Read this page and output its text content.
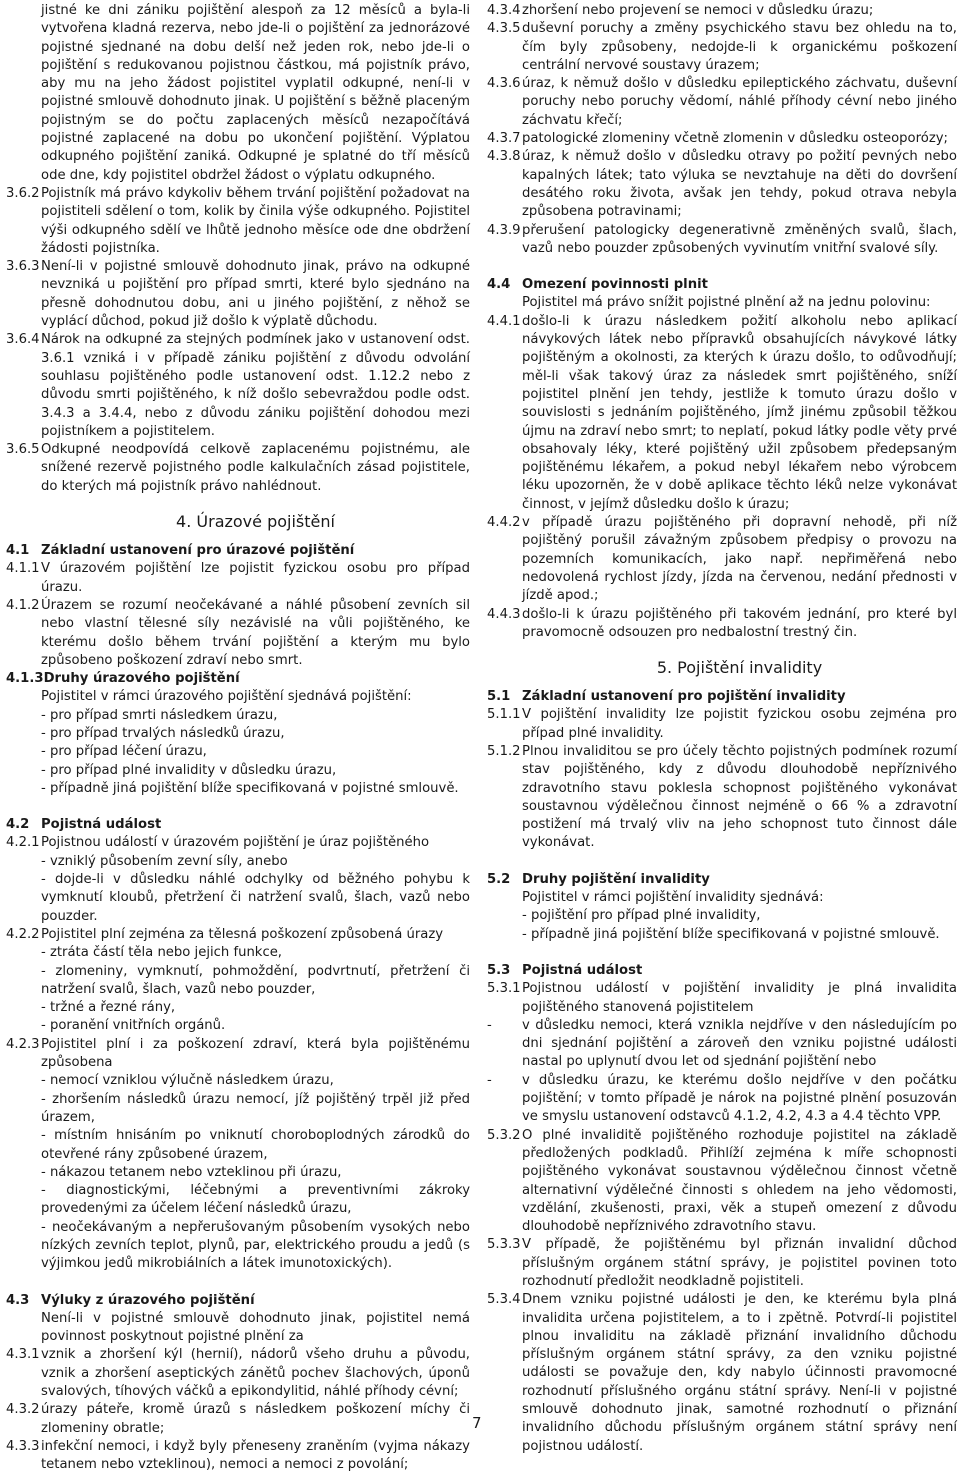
jistné ke dni zániku pojištění alespoň za 12 měsíců a byla-li vytvořena kladná rezerva, nebo jde-li o pojištění za jednorázové pojistné sjednané na dobu delší než jeden rok, nebo jde-li o pojištění s redukovanou pojistnou částkou, má pojistník právo, aby mu na jeho žádost pojistitel vyplatil odkupné, není-li v pojistné smlouvě dohodnuto jinak. U pojištění s běžně placeným pojistným se do počtu zaplacených měsíců nezapočítává pojistné zaplacené na dobu po ukončení pojištění. Výplatou odkupného pojištění zaniká. Odkupné je splatné do tří měsíců ode dne, kdy pojistitel obdržel žádost o výplatu odkupného.
3.6.2 Pojistník má právo kdykoliv během trvání pojištění požadovat na pojistiteli sdělení o tom, kolik by činila výše odkupného. Pojistitel výši odkupného sdělí ve lhůtě jednoho měsíce ode dne obdržení žádosti pojistníka.
3.6.3 Není-li v pojistné smlouvě dohodnuto jinak, právo na odkupné nevzniká u pojištění pro případ smrti, které bylo sjednáno na přesně dohodnutou dobu, ani u jiného pojištění, z něhož se vyplácí důchod, pokud již došlo k výplatě důchodu.
3.6.4 Nárok na odkupné za stejných podmínek jako v ustanovení odst. 3.6.1 vzniká i v případě zániku pojištění z důvodu odvolání souhlasu pojištěného podle ustanovení odst. 1.12.2 nebo z důvodu smrti pojištěného, k níž došlo sebevraždou podle odst. 3.4.3 a 3.4.4, nebo z důvodu zániku pojištění dohodou mezi pojistníkem a pojistitelem.
3.6.5 Odkupné neodpovídá celkově zaplacenému pojistnému, ale snížené rezervě pojistného podle kalkulačních zásad pojistitele, do kterých má pojistník právo nahlédnout.
4. Úrazové pojištění
4.1 Základní ustanovení pro úrazové pojištění
4.1.1 V úrazovém pojištění lze pojistit fyzickou osobu pro případ úrazu.
4.1.2 Úrazem se rozumí neočekávané a náhlé působení zevních sil nebo vlastní tělesné síly nezávislé na vůli pojištěného, ke kterému došlo během trvání pojištění a kterým mu bylo způsobeno poškození zdraví nebo smrt.
4.1.3 Druhy úrazového pojištění
Pojistitel v rámci úrazového pojištění sjednává pojištění:
- pro případ smrti následkem úrazu,
- pro případ trvalých následků úrazu,
- pro případ léčení úrazu,
- pro případ plné invalidity v důsledku úrazu,
- případně jiná pojištění blíže specifikovaná v pojistné smlouvě.
4.2 Pojistná událost
4.2.1 Pojistnou událostí v úrazovém pojištění je úraz pojištěného
- vzniklý působením zevní síly, anebo
- dojde-li v důsledku náhlé odchylky od běžného pohybu k vymknutí kloubů, přetržení či natržení svalů, šlach, vazů nebo pouzder.
4.2.2 Pojistitel plní zejména za tělesná poškození způsobená úrazy
- ztráta částí těla nebo jejich funkce,
- zlomeniny, vymknutí, pohmoždění, podvrtnutí, přetržení či natržení svalů, šlach, vazů nebo pouzder,
- tržné a řezné rány,
- poranění vnitřních orgánů.
4.2.3 Pojistitel plní i za poškození zdraví, která byla pojištěnému způsobena
- nemocí vzniklou výlučně následkem úrazu,
- zhoršením následků úrazu nemocí, jíž pojištěný trpěl již před úrazem,
- místním hnisáním po vniknutí choroboplodných zárodků do otevřené rány způsobené úrazem,
- nákazou tetanem nebo vzteklinou při úrazu,
- diagnostickými, léčebnými a preventivními zákroky provedenými za účelem léčení následků úrazu,
- neočekávaným a nepřerušovaným působením vysokých nebo nízkých zevních teplot, plynů, par, elektrického proudu a jedů (s výjimkou jedů mikrobiálních a látek imunotoxických).
4.3 Výluky z úrazového pojištění
Není-li v pojistné smlouvě dohodnuto jinak, pojistitel nemá povinnost poskytnout pojistné plnění za
4.3.1 vznik a zhoršení kýl (hernií), nádorů všeho druhu a původu, vznik a zhoršení aseptických zánětů pochev šlachových, úponů svalových, tíhových váčků a epikondylitid, náhlé příhody cévní;
4.3.2 úrazy páteře, kromě úrazů s následkem poškození míchy či zlomeniny obratle;
4.3.3 infekční nemoci, i když byly přeneseny zraněním (vyjma nákazy tetanem nebo vzteklinou), nemoci a nemoci z povolání;
4.3.4 zhoršení nebo projevení se nemoci v důsledku úrazu;
4.3.5 duševní poruchy a změny psychického stavu bez ohledu na to, čím byly způsobeny, nedojde-li k organickému poškození centrální nervové soustavy úrazem;
4.3.6 úraz, k němuž došlo v důsledku epileptického záchvatu, duševní poruchy nebo poruchy vědomí, náhlé příhody cévní nebo jiného záchvatu křečí;
4.3.7 patologické zlomeniny včetně zlomenin v důsledku osteoporózy;
4.3.8 úraz, k němuž došlo v důsledku otravy po požití pevných nebo kapalných látek; tato výluka se nevztahuje na děti do dovršení desátého roku života, avšak jen tehdy, pokud otrava nebyla způsobena potravinami;
4.3.9 přerušení patologicky degenerativně změněných svalů, šlach, vazů nebo pouzder způsobených vyvinutím vnitřní svalové síly.
4.4 Omezení povinnosti plnit
Pojistitel má právo snížit pojistné plnění až na jednu polovinu:
4.4.1 došlo-li k úrazu následkem požití alkoholu nebo aplikací návykových látek nebo přípravků obsahujících návykové látky pojištěným a okolnosti, za kterých k úrazu došlo, to odůvodňují; měl-li však takový úraz za následek smrt pojištěného, sníží pojistitel plnění jen tehdy, jestliže k tomuto úrazu došlo v souvislosti s jednáním pojištěného, jímž jinému způsobil těžkou újmu na zdraví nebo smrt; to neplatí, pokud látky podle věty prvé obsahovaly léky, které pojištěný užil způsobem předepsaným pojištěnému lékařem, a pokud nebyl lékařem nebo výrobcem léku upozorněn, že v době aplikace těchto léků nelze vykonávat činnost, v jejímž důsledku došlo k úrazu;
4.4.2 v případě úrazu pojištěného při dopravní nehodě, při níž pojištěný porušil závažným způsobem předpisy o provozu na pozemních komunikacích, jako např. nepřiměřená nebo nedovolená rychlost jízdy, jízda na červenou, nedání přednosti v jízdě apod.;
4.4.3 došlo-li k úrazu pojištěného při takovém jednání, pro které byl pravomocně odsouzen pro nedbalostní trestný čin.
5. Pojištění invalidity
5.1 Základní ustanovení pro pojištění invalidity
5.1.1 V pojištění invalidity lze pojistit fyzickou osobu zejména pro případ plné invalidity.
5.1.2 Plnou invaliditou se pro účely těchto pojistných podmínek rozumí stav pojištěného, kdy z důvodu dlouhodobě nepříznivého zdravotního stavu poklesla schopnost pojištěného vykonávat soustavnou výdělečnou činnost nejméně o 66 % a zdravotní postižení má trvalý vliv na jeho schopnost tuto činnost dále vykonávat.
5.2 Druhy pojištění invalidity
Pojistitel v rámci pojištění invalidity sjednává:
- pojištění pro případ plné invalidity,
- případně jiná pojištění blíže specifikovaná v pojistné smlouvě.
5.3 Pojistná událost
5.3.1 Pojistnou událostí v pojištění invalidity je plná invalidita pojištěného stanovená pojistitelem
-	v důsledku nemoci, která vznikla nejdříve v den následujícím po dni sjednání pojištění a zároveň den vzniku pojistné události nastal po uplynutí dvou let od sjednání pojištění nebo
-	v důsledku úrazu, ke kterému došlo nejdříve v den počátku pojištění; v tomto případě je nárok na pojistné plnění posuzován ve smyslu ustanovení odstavců 4.1.2, 4.2, 4.3 a 4.4 těchto VPP.
5.3.2 O plné invaliditě pojištěného rozhoduje pojistitel na základě předložených podkladů. Přihlíží zejména k míře schopnosti pojištěného vykonávat soustavnou výdělečnou činnost včetně alternativní výdělečné činnosti s ohledem na jeho vědomosti, vzdělání, zkušenosti, praxi, věk a stupeň omezení z důvodu dlouhodobě nepříznivého zdravotního stavu.
5.3.3 V případě, že pojištěnému byl přiznán invalidní důchod příslušným orgánem státní správy, je pojistitel povinen toto rozhodnutí předložit neodkladně pojistiteli.
5.3.4 Dnem vzniku pojistné události je den, ke kterému byla plná invalidita určena pojistitelem, a to i zpětně. Potvrdí-li pojistitel plnou invaliditu na základě přiznání invalidního důchodu příslušným orgánem státní správy, za den vzniku pojistné události se považuje den, kdy nabylo účinnosti pravomocné rozhodnutí příslušného orgánu státní správy. Není-li v pojistné smlouvě dohodnuto jinak, samotné rozhodnutí o přiznání invalidního důchodu příslušným orgánem státní správy není pojistnou událostí.
7
